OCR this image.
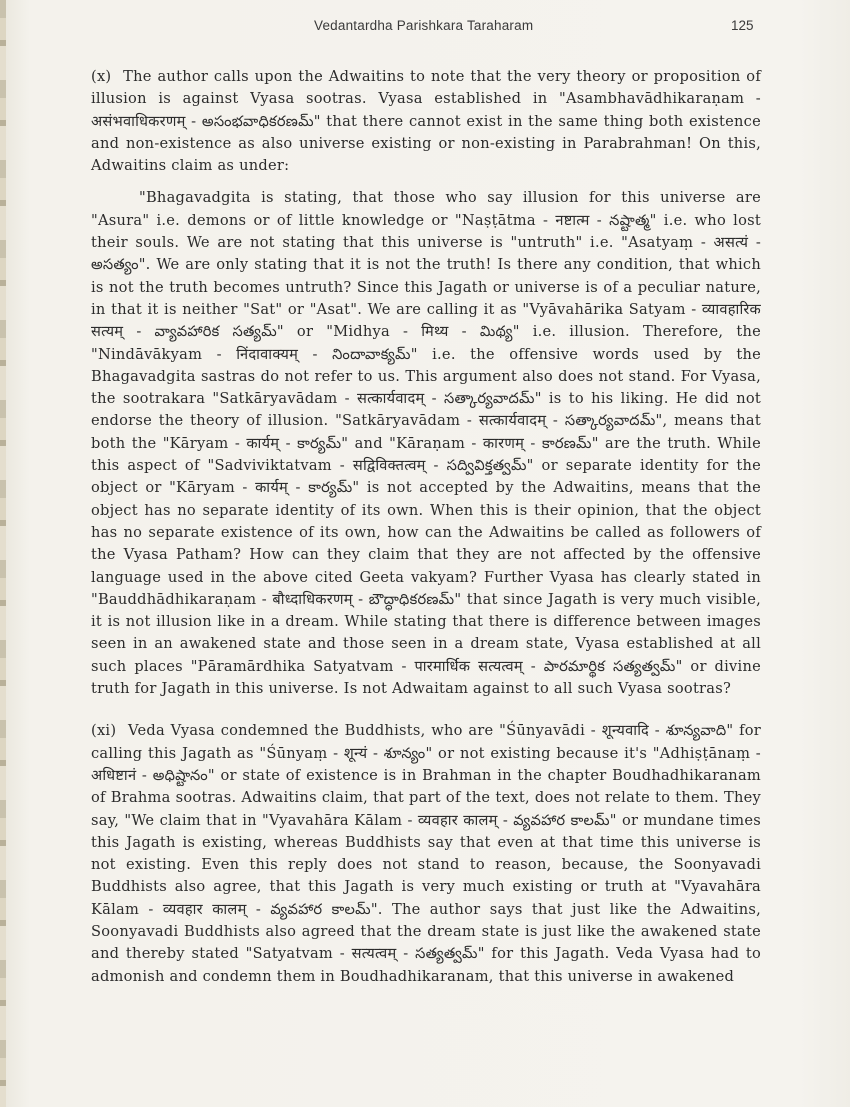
Vedantardha Parishkara Taraharam	125

(x) The author calls upon the Adwaitins to note that the very theory or proposition of illusion is against Vyasa sootras. Vyasa established in "Asambhavādhikaraṇam - असंभवाधिकरणम् - అసంభవాధికరణమ్" that there cannot exist in the same thing both existence and non-existence as also universe existing or non-existing in Parabrahman! On this, Adwaitins claim as under:

"Bhagavadgita is stating, that those who say illusion for this universe are "Asura" i.e. demons or of little knowledge or "Naṣṭātma - नष्टात्म - నష్టాత్మ" i.e. who lost their souls. We are not stating that this universe is "untruth" i.e. "Asatyaṃ - असत्यं - అసత్యం". We are only stating that it is not the truth! Is there any condition, that which is not the truth becomes untruth? Since this Jagath or universe is of a peculiar nature, in that it is neither "Sat" or "Asat". We are calling it as "Vyāvahārika Satyam - व्यावहारिक सत्यम् - వ్యావహారిక సత్యమ్" or "Midhya - मिथ्य - మిథ్య" i.e. illusion. Therefore, the "Nindāvākyam - निंदावाक्यम् - నిందావాక్యమ్" i.e. the offensive words used by the Bhagavadgita sastras do not refer to us. This argument also does not stand. For Vyasa, the sootrakara "Satkāryavādam - सत्कार्यवादम् - సత్కార్యవాదమ్" is to his liking. He did not endorse the theory of illusion. "Satkāryavādam - सत्कार्यवादम् - సత్కార్యవాదమ్", means that both the "Kāryam - कार्यम् - కార్యమ్" and "Kāraṇam - कारणम् - కారణమ్" are the truth. While this aspect of "Sadviviktatvam - सद्विविक्तत्वम् - సద్వివిక్తత్వమ్" or separate identity for the object or "Kāryam - कार्यम् - కార్యమ్" is not accepted by the Adwaitins, means that the object has no separate identity of its own. When this is their opinion, that the object has no separate existence of its own, how can the Adwaitins be called as followers of the Vyasa Patham? How can they claim that they are not affected by the offensive language used in the above cited Geeta vakyam? Further Vyasa has clearly stated in "Bauddhādhikaraṇam - बौध्दाधिकरणम् - బౌద్ధాధికరణమ్" that since Jagath is very much visible, it is not illusion like in a dream. While stating that there is difference between images seen in an awakened state and those seen in a dream state, Vyasa established at all such places "Pāramārdhika Satyatvam - पारमार्धिक सत्यत्वम् - పారమార్థిక సత్యత్వమ్" or divine truth for Jagath in this universe. Is not Adwaitam against to all such Vyasa sootras?

(xi) Veda Vyasa condemned the Buddhists, who are "Śūnyavādi - शून्यवादि - శూన్యవాది" for calling this Jagath as "Śūnyaṃ - शून्यं - శూన్యం" or not existing because it's "Adhiṣṭānaṃ - अधिष्टानं - అధిష్టానం" or state of existence is in Brahman in the chapter Boudhadhikaranam of Brahma sootras. Adwaitins claim, that part of the text, does not relate to them. They say, "We claim that in "Vyavahāra Kālam - व्यवहार कालम् - వ్యవహార కాలమ్" or mundane times this Jagath is existing, whereas Buddhists say that even at that time this universe is not existing. Even this reply does not stand to reason, because, the Soonyavadi Buddhists also agree, that this Jagath is very much existing or truth at "Vyavahāra Kālam - व्यवहार कालम् - వ్యవహార కాలమ్". The author says that just like the Adwaitins, Soonyavadi Buddhists also agreed that the dream state is just like the awakened state and thereby stated "Satyatvam - सत्यत्वम् - సత్యత్వమ్" for this Jagath. Veda Vyasa had to admonish and condemn them in Boudhadhikaranam, that this universe in awakened
